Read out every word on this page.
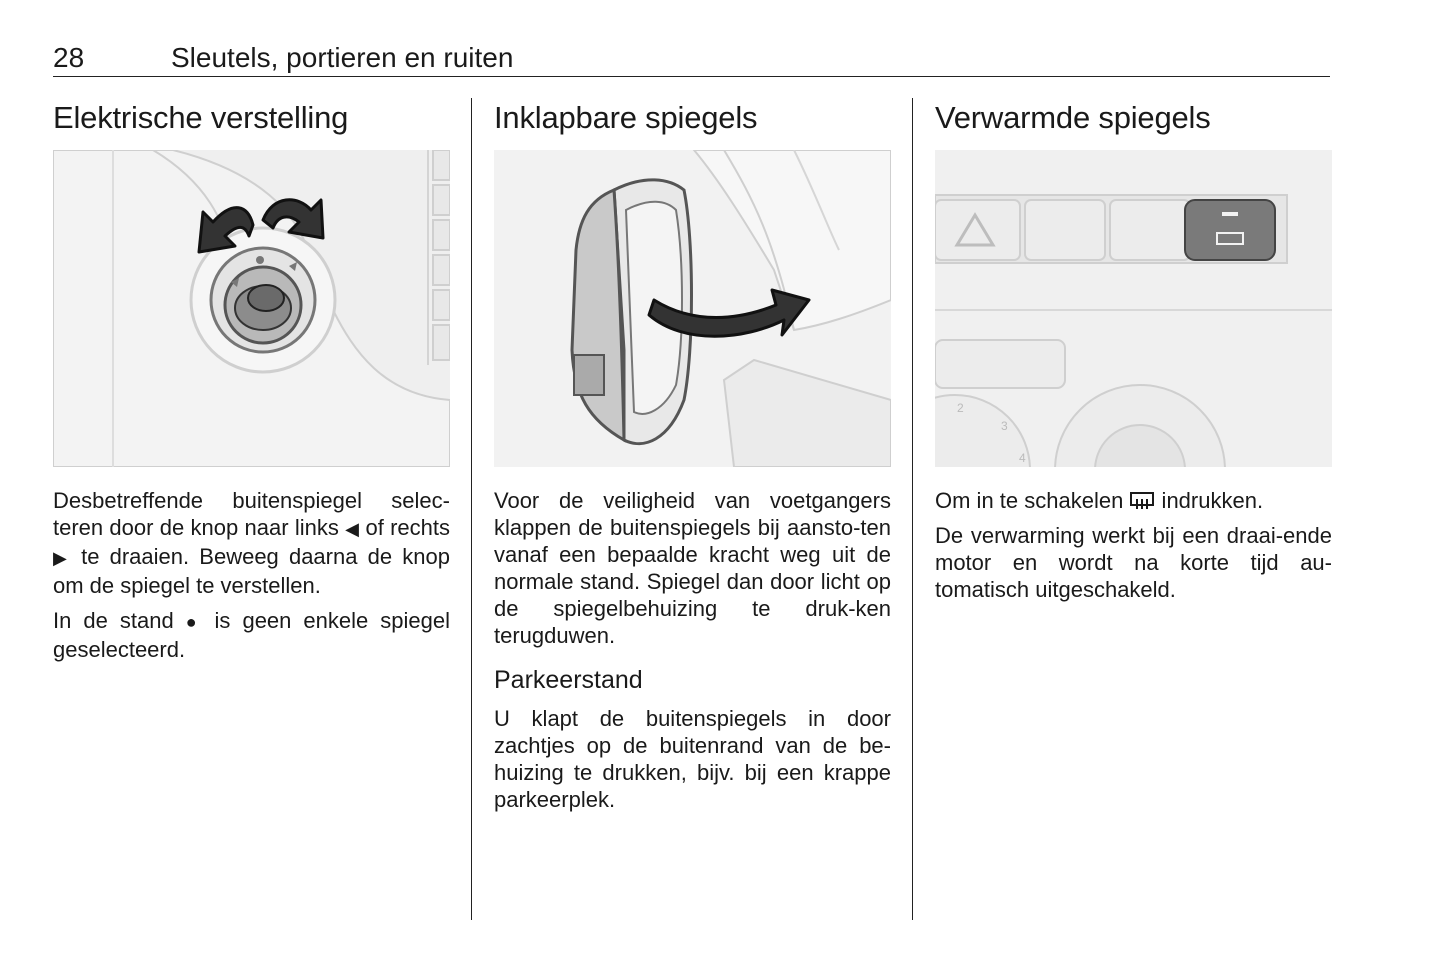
28	Sleutels, portieren en ruiten
Elektrische verstelling

Desbetreffende buitenspiegel selec-teren door de knop naar links ◀ of rechts ▶ te draaien. Beweeg daarna de knop om de spiegel te verstellen.

In de stand ● is geen enkele spiegel geselecteerd.

Inklapbare spiegels

Voor de veiligheid van voetgangers klappen de buitenspiegels bij aansto-ten vanaf een bepaalde kracht weg uit de normale stand. Spiegel dan door licht op de spiegelbehuizing te druk-ken terugduwen.

Parkeerstand

U klapt de buitenspiegels in door zachtjes op de buitenrand van de be-huizing te drukken, bijv. bij een krappe parkeerplek.

Verwarmde spiegels
2
3
4

Om in te schakelen  indrukken.

De verwarming werkt bij een draai-ende motor en wordt na korte tijd au-tomatisch uitgeschakeld.
